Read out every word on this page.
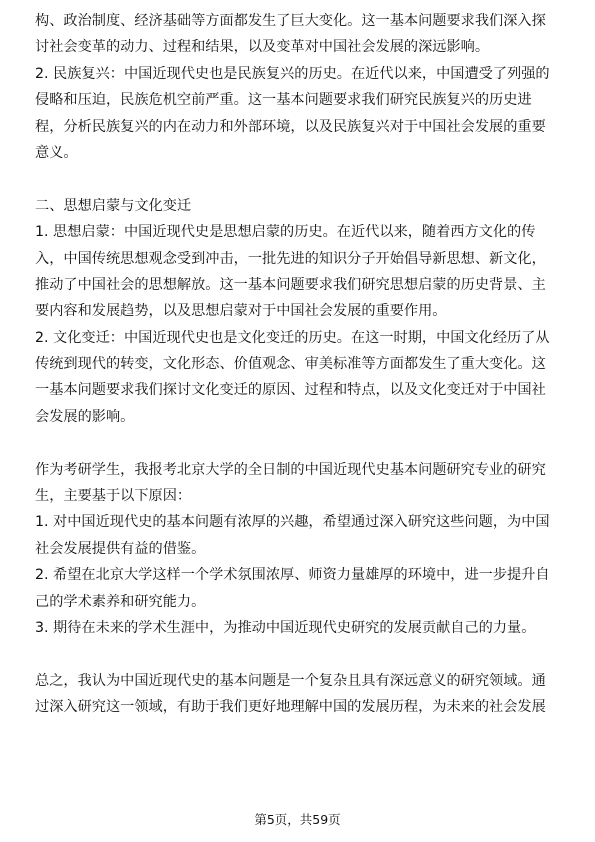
构、政治制度、经济基础等方面都发生了巨大变化。这一基本问题要求我们深入探

讨社会变革的动力、过程和结果，以及变革对中国社会发展的深远影响。

2. 民族复兴：中国近现代史也是民族复兴的历史。在近代以来，中国遭受了列强的

侵略和压迫，民族危机空前严重。这一基本问题要求我们研究民族复兴的历史进

程，分析民族复兴的内在动力和外部环境，以及民族复兴对于中国社会发展的重要

意义。

二、思想启蒙与文化变迁

1. 思想启蒙：中国近现代史是思想启蒙的历史。在近代以来，随着西方文化的传

入，中国传统思想观念受到冲击，一批先进的知识分子开始倡导新思想、新文化，

推动了中国社会的思想解放。这一基本问题要求我们研究思想启蒙的历史背景、主

要内容和发展趋势，以及思想启蒙对于中国社会发展的重要作用。

2. 文化变迁：中国近现代史也是文化变迁的历史。在这一时期，中国文化经历了从

传统到现代的转变，文化形态、价值观念、审美标准等方面都发生了重大变化。这

一基本问题要求我们探讨文化变迁的原因、过程和特点，以及文化变迁对于中国社

会发展的影响。

作为考研学生，我报考北京大学的全日制的中国近现代史基本问题研究专业的研究

生，主要基于以下原因：

1. 对中国近现代史的基本问题有浓厚的兴趣，希望通过深入研究这些问题，为中国

社会发展提供有益的借鉴。

2. 希望在北京大学这样一个学术氛围浓厚、师资力量雄厚的环境中，进一步提升自

己的学术素养和研究能力。

3. 期待在未来的学术生涯中，为推动中国近现代史研究的发展贡献自己的力量。

总之，我认为中国近现代史的基本问题是一个复杂且具有深远意义的研究领域。通

过深入研究这一领域，有助于我们更好地理解中国的发展历程，为未来的社会发展

第5页，共59页
